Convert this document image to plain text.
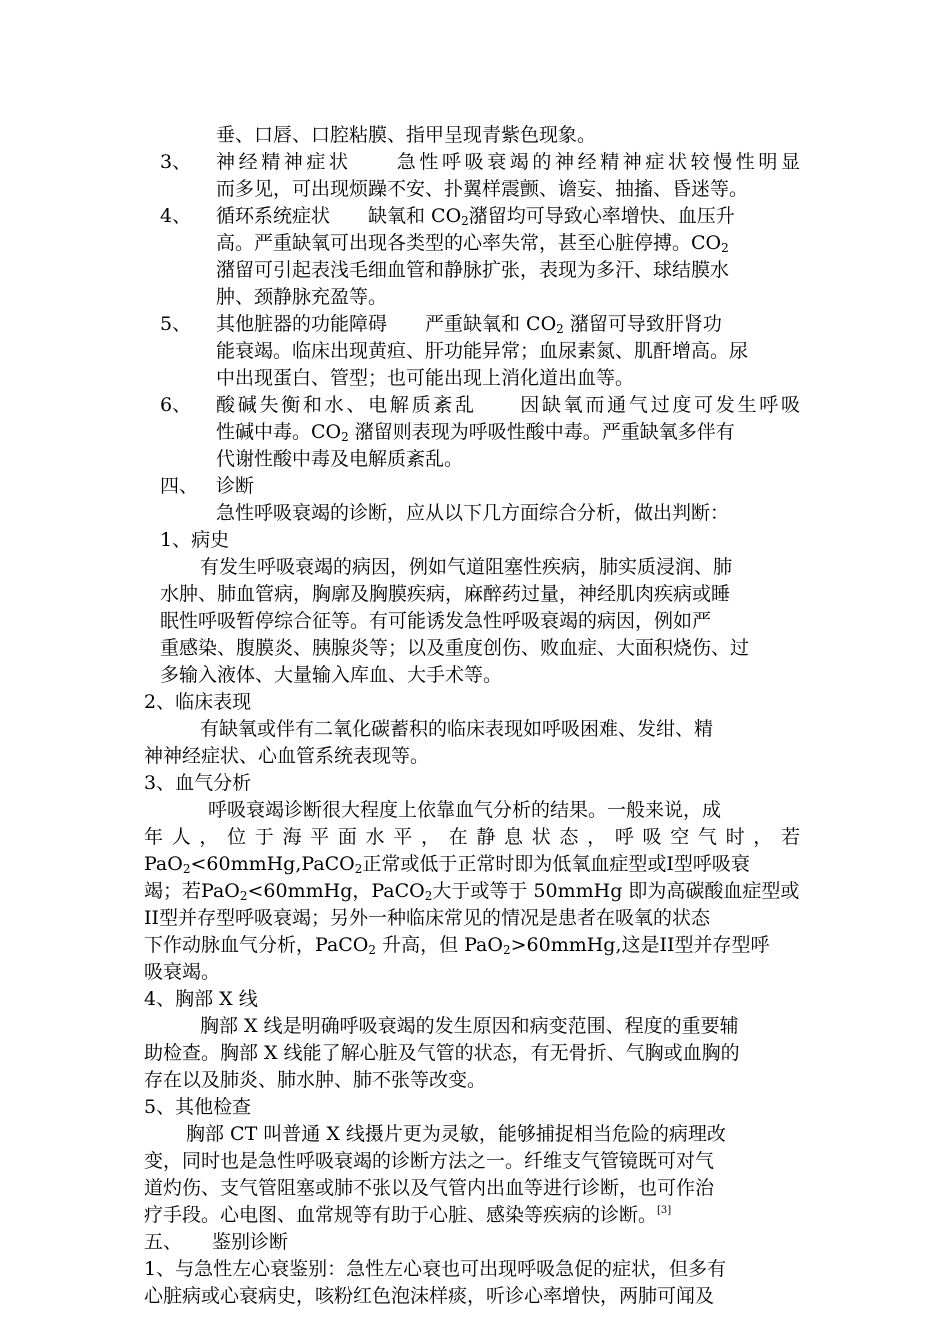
垂、口唇、口腔粘膜、指甲呈现青紫色现象。
3、 神经精神症状　　急性呼吸衰竭的神经精神症状较慢性明显
而多见，可出现烦躁不安、扑翼样震颤、谵妄、抽搐、昏迷等。
4、 循环系统症状　　缺氧和 $CO_2$潴留均可导致心率增快、血压升
高。严重缺氧可出现各类型的心率失常，甚至心脏停搏。$CO_2$
潴留可引起表浅毛细血管和静脉扩张，表现为多汗、球结膜水
肿、颈静脉充盈等。
5、 其他脏器的功能障碍　　严重缺氧和 $CO_2$ 潴留可导致肝肾功
能衰竭。临床出现黄疸、肝功能异常；血尿素氮、肌酐增高。尿
中出现蛋白、管型；也可能出现上消化道出血等。
6、 酸碱失衡和水、电解质紊乱　　因缺氧而通气过度可发生呼吸
性碱中毒。$CO_2$ 潴留则表现为呼吸性酸中毒。严重缺氧多伴有
代谢性酸中毒及电解质紊乱。
四、 诊断
急性呼吸衰竭的诊断，应从以下几方面综合分析，做出判断：
1、病史
有发生呼吸衰竭的病因，例如气道阻塞性疾病，肺实质浸润、肺
水肿、肺血管病，胸廓及胸膜疾病，麻醉药过量，神经肌肉疾病或睡
眠性呼吸暂停综合征等。有可能诱发急性呼吸衰竭的病因，例如严
重感染、腹膜炎、胰腺炎等；以及重度创伤、败血症、大面积烧伤、过
多输入液体、大量输入库血、大手术等。
2、临床表现
有缺氧或伴有二氧化碳蓄积的临床表现如呼吸困难、发绀、精
神神经症状、心血管系统表现等。
3、血气分析
呼吸衰竭诊断很大程度上依靠血气分析的结果。一般来说，成
年人，位于海平面水平，在静息状态，呼吸空气时，若
PaO$_2$<60mmHg,PaCO$_2$正常或低于正常时即为低氧血症型或I型呼吸衰
竭；若PaO$_2$<60mmHg，PaCO$_2$大于或等于 50mmHg 即为高碳酸血症型或
II型并存型呼吸衰竭；另外一种临床常见的情况是患者在吸氧的状态
下作动脉血气分析，PaCO$_2$ 升高，但 PaO$_2$>60mmHg,这是II型并存型呼
吸衰竭。
4、胸部 X 线
胸部 X 线是明确呼吸衰竭的发生原因和病变范围、程度的重要辅
助检查。胸部 X 线能了解心脏及气管的状态，有无骨折、气胸或血胸的
存在以及肺炎、肺水肿、肺不张等改变。
5、其他检查
胸部 CT 叫普通 X 线摄片更为灵敏，能够捕捉相当危险的病理改
变，同时也是急性呼吸衰竭的诊断方法之一。纤维支气管镜既可对气
道灼伤、支气管阻塞或肺不张以及气管内出血等进行诊断，也可作治
疗手段。心电图、血常规等有助于心脏、感染等疾病的诊断。[3]
五、 鉴别诊断
1、与急性左心衰鉴别：急性左心衰也可出现呼吸急促的症状，但多有
心脏病或心衰病史，咳粉红色泡沫样痰，听诊心率增快，两肺可闻及
